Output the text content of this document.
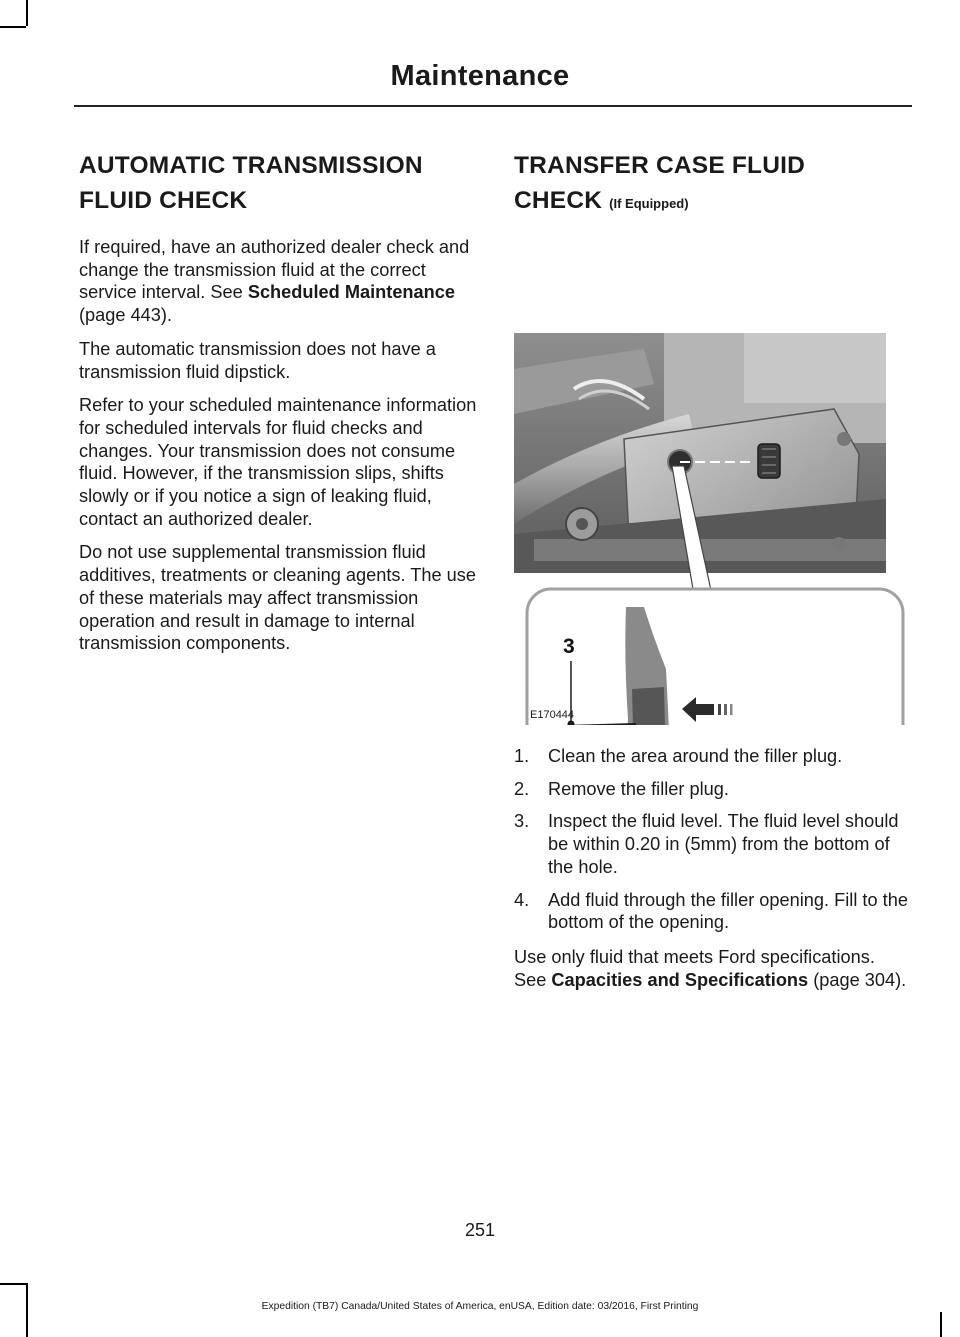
Maintenance
AUTOMATIC TRANSMISSION
FLUID CHECK

If required, have an authorized dealer check and change the transmission fluid at the correct service interval. See Scheduled Maintenance (page 443).

The automatic transmission does not have a transmission fluid dipstick.

Refer to your scheduled maintenance information for scheduled intervals for fluid checks and changes. Your transmission does not consume fluid. However, if the transmission slips, shifts slowly or if you notice a sign of leaking fluid, contact an authorized dealer.

Do not use supplemental transmission fluid additives, treatments or cleaning agents. The use of these materials may affect transmission operation and result in damage to internal transmission components.

TRANSFER CASE FLUID
CHECK (If Equipped)
3
E170444
1. Clean the area around the filler plug.
2. Remove the filler plug.
3. Inspect the fluid level. The fluid level should be within 0.20 in (5mm) from the bottom of the hole.
4. Add fluid through the filler opening. Fill to the bottom of the opening.

Use only fluid that meets Ford specifications. See Capacities and Specifications (page 304).

251
Expedition (TB7) Canada/United States of America, enUSA, Edition date: 03/2016, First Printing
